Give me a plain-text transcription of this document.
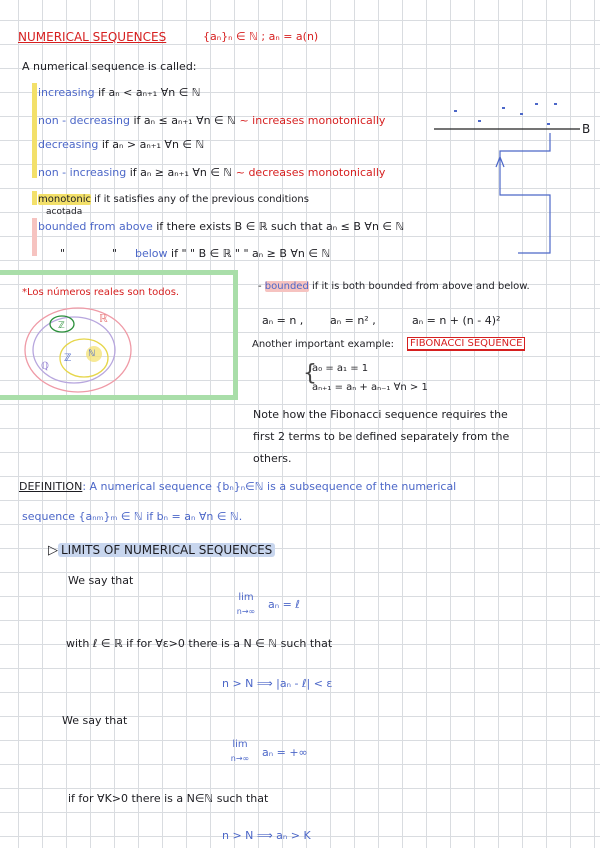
NUMERICAL SEQUENCES	{aₙ}ₙ ∈ ℕ ; aₙ = a(n)
A numerical sequence is called:
increasing if aₙ < aₙ₊₁ ∀n ∈ ℕ
non - decreasing if aₙ ≤ aₙ₊₁ ∀n ∈ ℕ ~ increases monotonically
decreasing if aₙ > aₙ₊₁ ∀n ∈ ℕ
non - increasing if aₙ ≥ aₙ₊₁ ∀n ∈ ℕ ~ decreases monotonically
monotonic if it satisfies any of the previous conditions
acotada
bounded from above if there exists B ∈ ℝ such that aₙ ≤ B ∀n ∈ ℕ
"	" below if " " B ∈ ℝ " " aₙ ≥ B ∀n ∈ ℕ
B
*Los números reales son todos.
ℝ
ℤ
ℚ
ℤ ℕ
- bounded if it is both bounded from above and below.
aₙ = n , aₙ = n² ,	aₙ = n + (n - 4)²
Another important example:	FIBONACCI SEQUENCE
{
a₀ = a₁ = 1
aₙ₊₁ = aₙ + aₙ₋₁ ∀n > 1
Note how the Fibonacci sequence requires the
first 2 terms to be defined separately from the
others.
DEFINITION: A numerical sequence {bₙ}ₙ∈ℕ is a subsequence of the numerical
sequence {aₙₘ}ₘ ∈ ℕ if bₙ = aₙ ∀n ∈ ℕ.
▷ LIMITS OF NUMERICAL SEQUENCES
We say that
lim
n→∞
aₙ = ℓ
with ℓ ∈ ℝ if for ∀ε>0 there is a N ∈ ℕ such that
n > N ⟹ |aₙ - ℓ| < ε
We say that
lim
n→∞	aₙ = +∞
if for ∀K>0 there is a N∈ℕ such that
n > N ⟹ aₙ > K
